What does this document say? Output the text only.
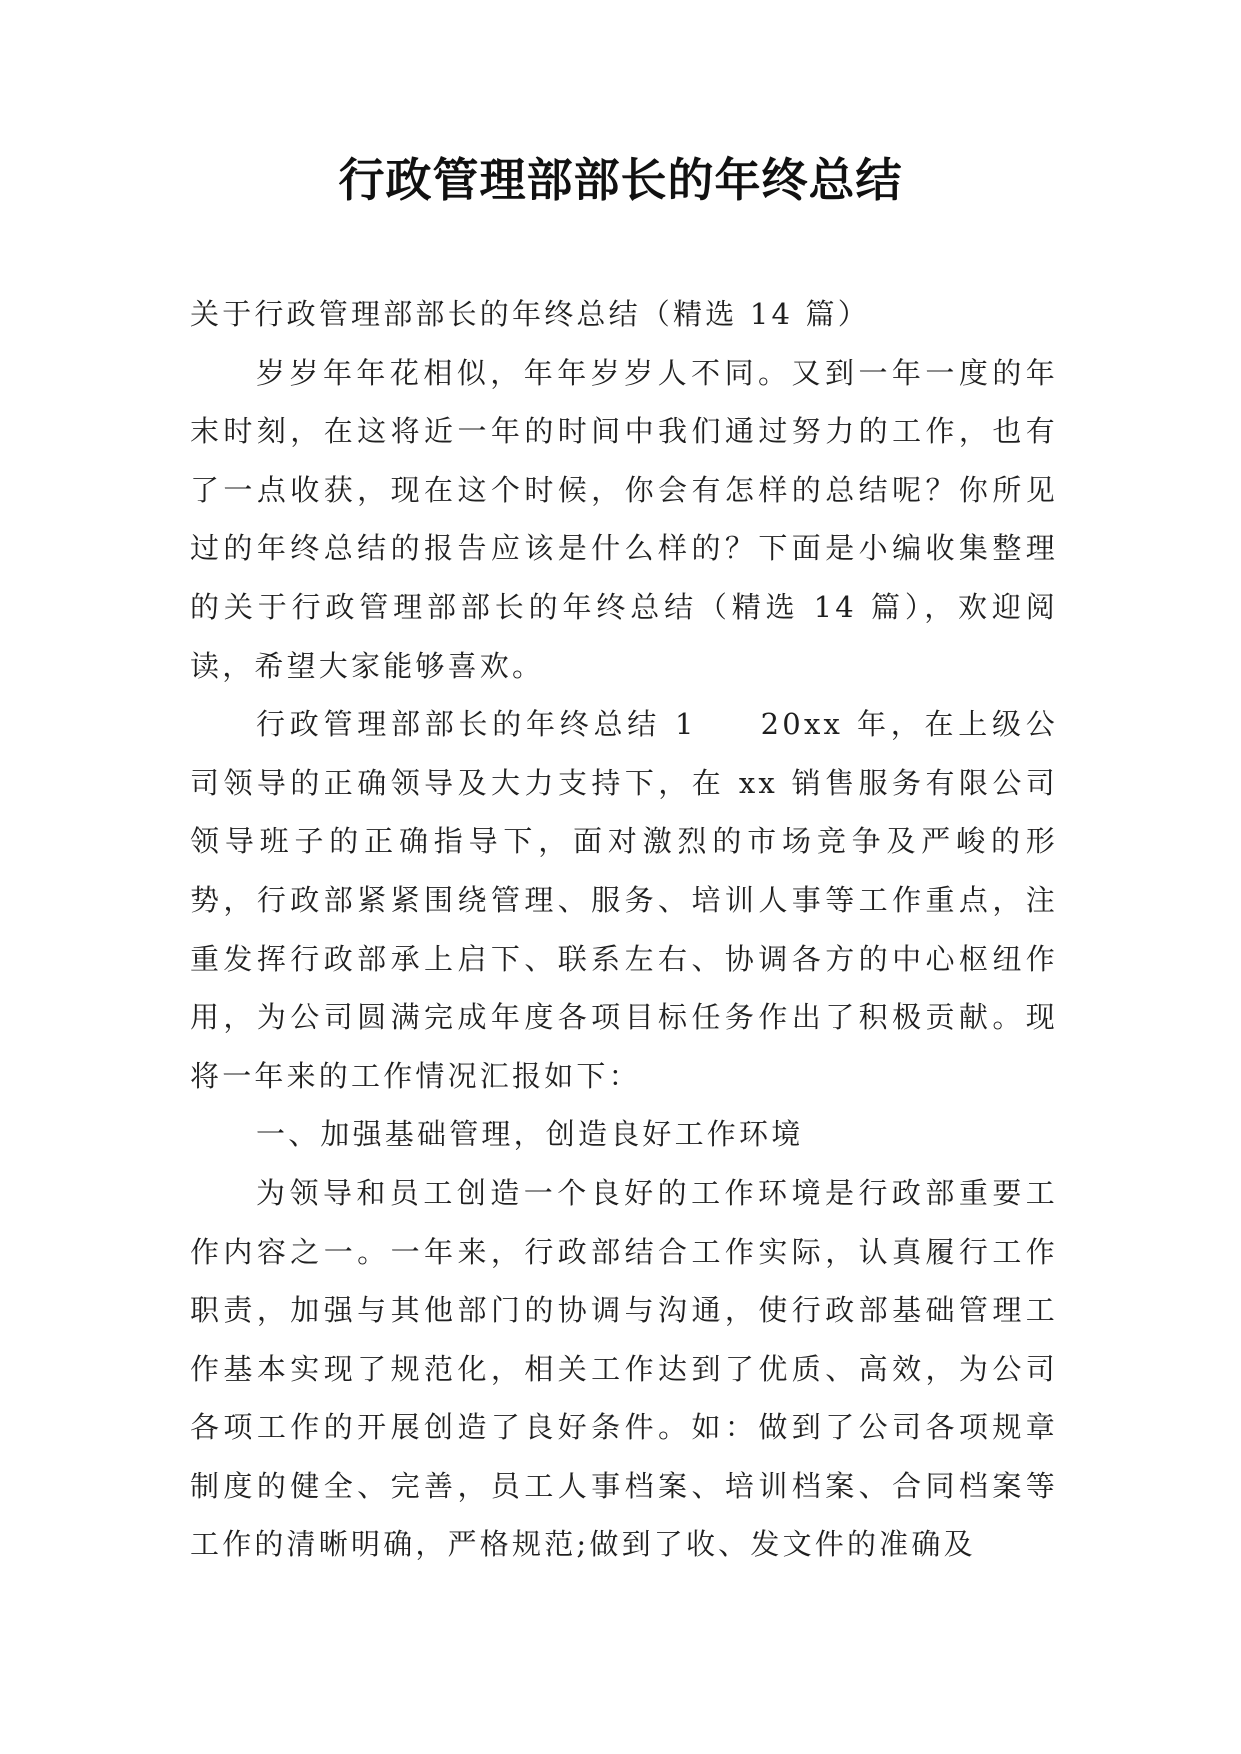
行政管理部部长的年终总结

关于行政管理部部长的年终总结（精选 14 篇）

岁岁年年花相似，年年岁岁人不同。又到一年一度的年末时刻，在这将近一年的时间中我们通过努力的工作，也有了一点收获，现在这个时候，你会有怎样的总结呢？你所见过的年终总结的报告应该是什么样的？下面是小编收集整理的关于行政管理部部长的年终总结（精选 14 篇），欢迎阅读，希望大家能够喜欢。

行政管理部部长的年终总结 1 20xx 年，在上级公司领导的正确领导及大力支持下，在 xx 销售服务有限公司领导班子的正确指导下，面对激烈的市场竞争及严峻的形势，行政部紧紧围绕管理、服务、培训人事等工作重点，注重发挥行政部承上启下、联系左右、协调各方的中心枢纽作用，为公司圆满完成年度各项目标任务作出了积极贡献。现将一年来的工作情况汇报如下：

一、加强基础管理，创造良好工作环境

为领导和员工创造一个良好的工作环境是行政部重要工作内容之一。一年来，行政部结合工作实际，认真履行工作职责，加强与其他部门的协调与沟通，使行政部基础管理工作基本实现了规范化，相关工作达到了优质、高效，为公司各项工作的开展创造了良好条件。如：做到了公司各项规章制度的健全、完善，员工人事档案、培训档案、合同档案等工作的清晰明确，严格规范;做到了收、发文件的准确及
